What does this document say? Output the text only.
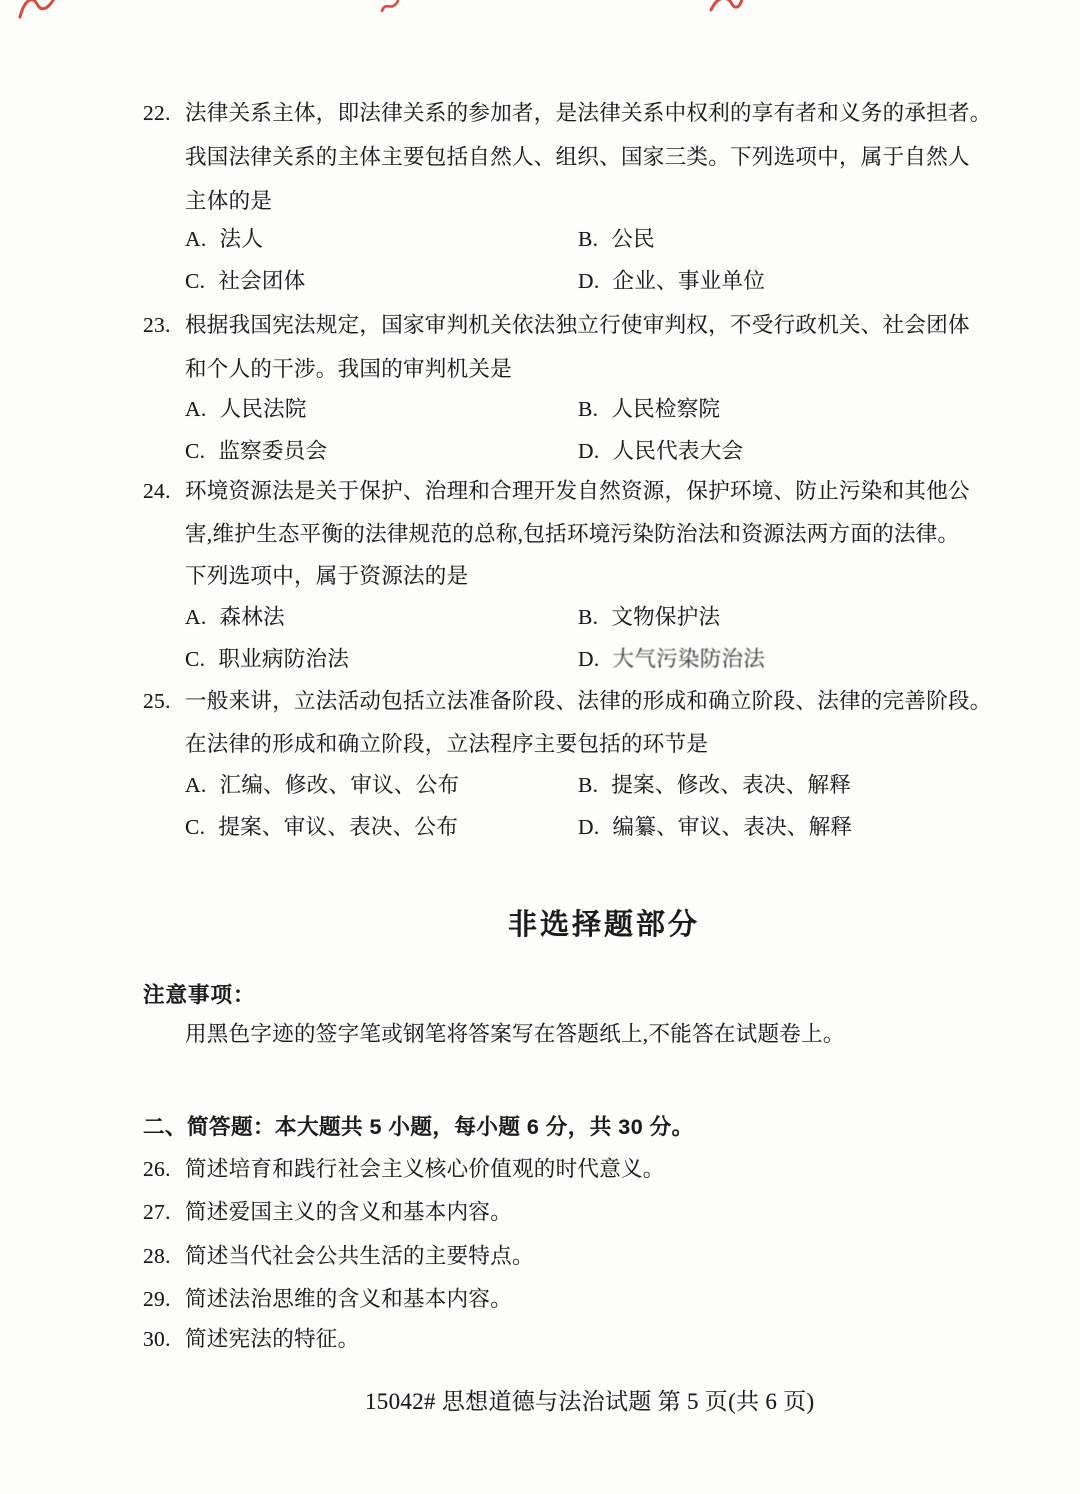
22. 法律关系主体，即法律关系的参加者，是法律关系中权利的享有者和义务的承担者。
我国法律关系的主体主要包括自然人、组织、国家三类。下列选项中，属于自然人
主体的是
A. 法人	B. 公民
C. 社会团体	D. 企业、事业单位
23. 根据我国宪法规定，国家审判机关依法独立行使审判权，不受行政机关、社会团体
和个人的干涉。我国的审判机关是
A. 人民法院	B. 人民检察院
C. 监察委员会	D. 人民代表大会
24. 环境资源法是关于保护、治理和合理开发自然资源，保护环境、防止污染和其他公
害,维护生态平衡的法律规范的总称,包括环境污染防治法和资源法两方面的法律。
下列选项中，属于资源法的是
A. 森林法	B. 文物保护法
C. 职业病防治法	D. 大气污染防治法
25. 一般来讲，立法活动包括立法准备阶段、法律的形成和确立阶段、法律的完善阶段。
在法律的形成和确立阶段，立法程序主要包括的环节是
A. 汇编、修改、审议、公布	B. 提案、修改、表决、解释
C. 提案、审议、表决、公布	D. 编纂、审议、表决、解释
非选择题部分
注意事项：
用黑色字迹的签字笔或钢笔将答案写在答题纸上,不能答在试题卷上。
二、简答题：本大题共 5 小题，每小题 6 分，共 30 分。
26. 简述培育和践行社会主义核心价值观的时代意义。
27. 简述爱国主义的含义和基本内容。
28. 简述当代社会公共生活的主要特点。
29. 简述法治思维的含义和基本内容。
30. 简述宪法的特征。
15042# 思想道德与法治试题 第 5 页(共 6 页)
